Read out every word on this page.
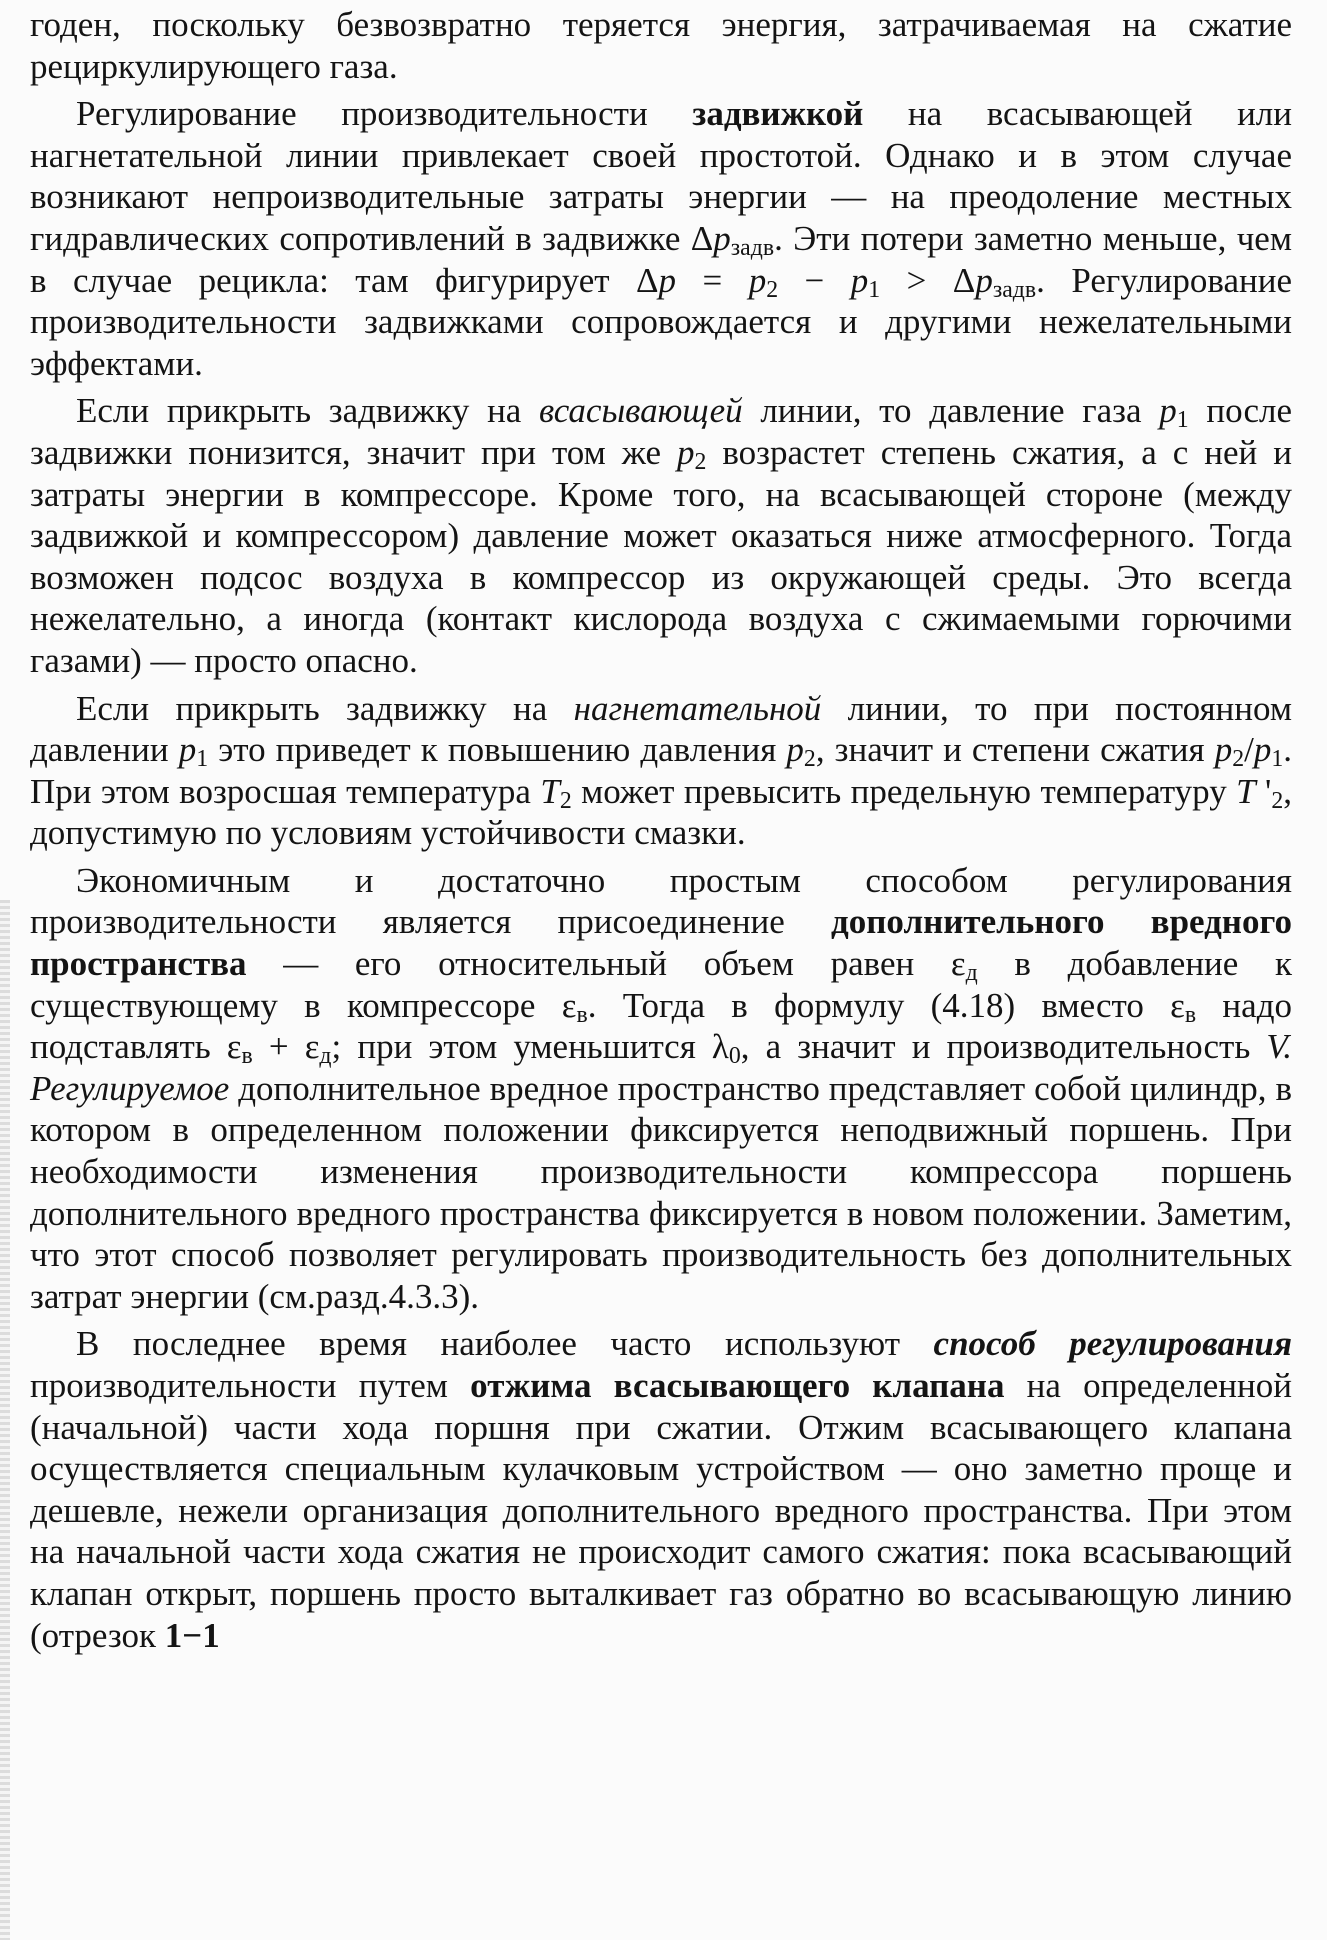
годен, поскольку безвозвратно теряется энергия, затрачиваемая на сжатие рециркулирующего газа.

Регулирование производительности задвижкой на всасывающей или нагнетательной линии привлекает своей простотой. Однако и в этом случае возникают непроизводительные затраты энергии — на преодоление местных гидравлических сопротивлений в задвижке $\Delta p_{задв}$. Эти потери заметно меньше, чем в случае рецикла: там фигурирует $\Delta p = p_2 - p_1 > \Delta p_{задв}$. Регулирование производительности задвижками сопровождается и другими нежелательными эффектами.

Если прикрыть задвижку на всасывающей линии, то давление газа $p_1$ после задвижки понизится, значит при том же $p_2$ возрастет степень сжатия, а с ней и затраты энергии в компрессоре. Кроме того, на всасывающей стороне (между задвижкой и компрессором) давление может оказаться ниже атмосферного. Тогда возможен подсос воздуха в компрессор из окружающей среды. Это всегда нежелательно, а иногда (контакт кислорода воздуха с сжимаемыми горючими газами) — просто опасно.

Если прикрыть задвижку на нагнетательной линии, то при постоянном давлении $p_1$ это приведет к повышению давления $p_2$, значит и степени сжатия $p_2/p_1$. При этом возросшая температура $T_2$ может превысить предельную температуру T '$_2$, допустимую по условиям устойчивости смазки.

Экономичным и достаточно простым способом регулирования производительности является присоединение дополнительного вредного пространства — его относительный объем равен $\varepsilon_д$ в добавление к существующему в компрессоре $\varepsilon_в$. Тогда в формулу (4.18) вместо $\varepsilon_в$ надо подставлять $\varepsilon_в + \varepsilon_д$; при этом уменьшится $\lambda_0$, а значит и производительность V. Регулируемое дополнительное вредное пространство представляет собой цилиндр, в котором в определенном положении фиксируется неподвижный поршень. При необходимости изменения производительности компрессора поршень дополнительного вредного пространства фиксируется в новом положении. Заметим, что этот способ позволяет регулировать производительность без дополнительных затрат энергии (см.разд.4.3.3).

В последнее время наиболее часто используют способ регулирования производительности путем отжима всасывающего клапана на определенной (начальной) части хода поршня при сжатии. Отжим всасывающего клапана осуществляется специальным кулачковым устройством — оно заметно проще и дешевле, нежели организация дополнительного вредного пространства. При этом на начальной части хода сжатия не происходит самого сжатия: пока всасывающий клапан открыт, поршень просто выталкивает газ обратно во всасывающую линию (отрезок 1−1
